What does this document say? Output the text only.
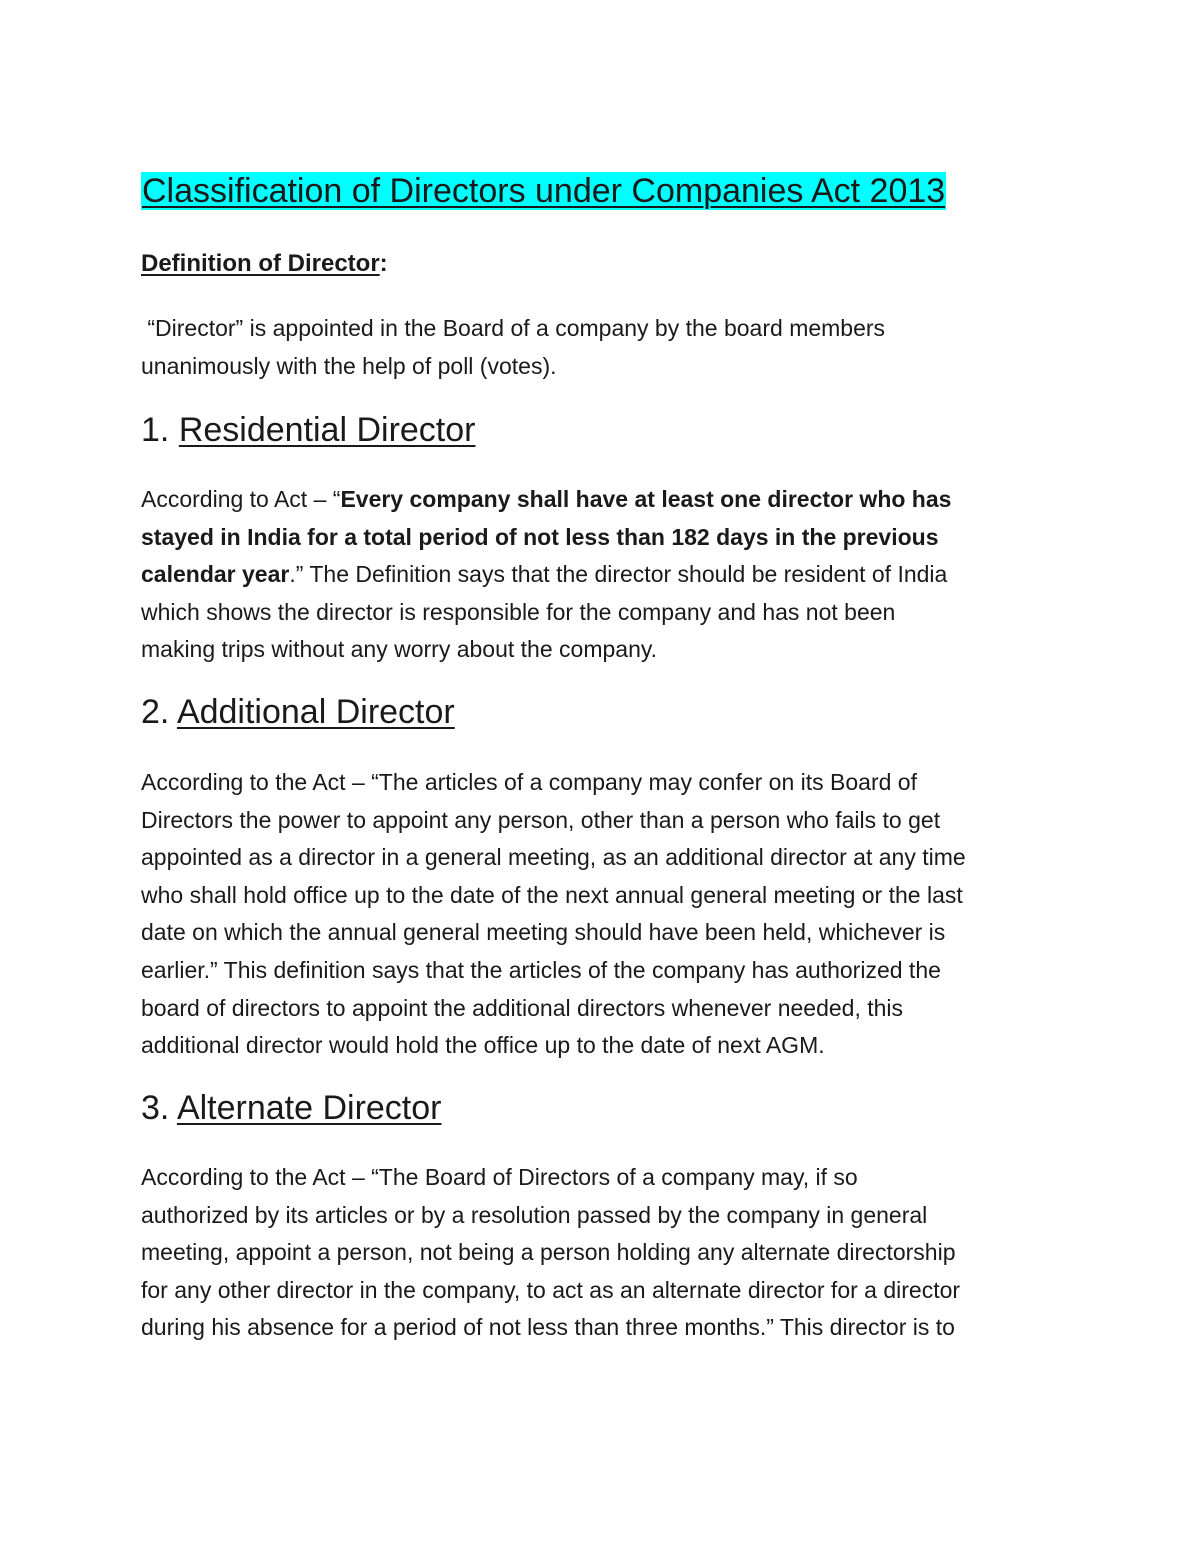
Classification of Directors under Companies Act 2013
Definition of Director:

“Director” is appointed in the Board of a company by the board members
unanimously with the help of poll (votes).

1. Residential Director

According to Act – “Every company shall have at least one director who has
stayed in India for a total period of not less than 182 days in the previous
calendar year.” The Definition says that the director should be resident of India
which shows the director is responsible for the company and has not been
making trips without any worry about the company.

2. Additional Director

According to the Act – “The articles of a company may confer on its Board of
Directors the power to appoint any person, other than a person who fails to get
appointed as a director in a general meeting, as an additional director at any time
who shall hold office up to the date of the next annual general meeting or the last
date on which the annual general meeting should have been held, whichever is
earlier.” This definition says that the articles of the company has authorized the
board of directors to appoint the additional directors whenever needed, this
additional director would hold the office up to the date of next AGM.

3. Alternate Director

According to the Act – “The Board of Directors of a company may, if so
authorized by its articles or by a resolution passed by the company in general
meeting, appoint a person, not being a person holding any alternate directorship
for any other director in the company, to act as an alternate director for a director
during his absence for a period of not less than three months.” This director is to
